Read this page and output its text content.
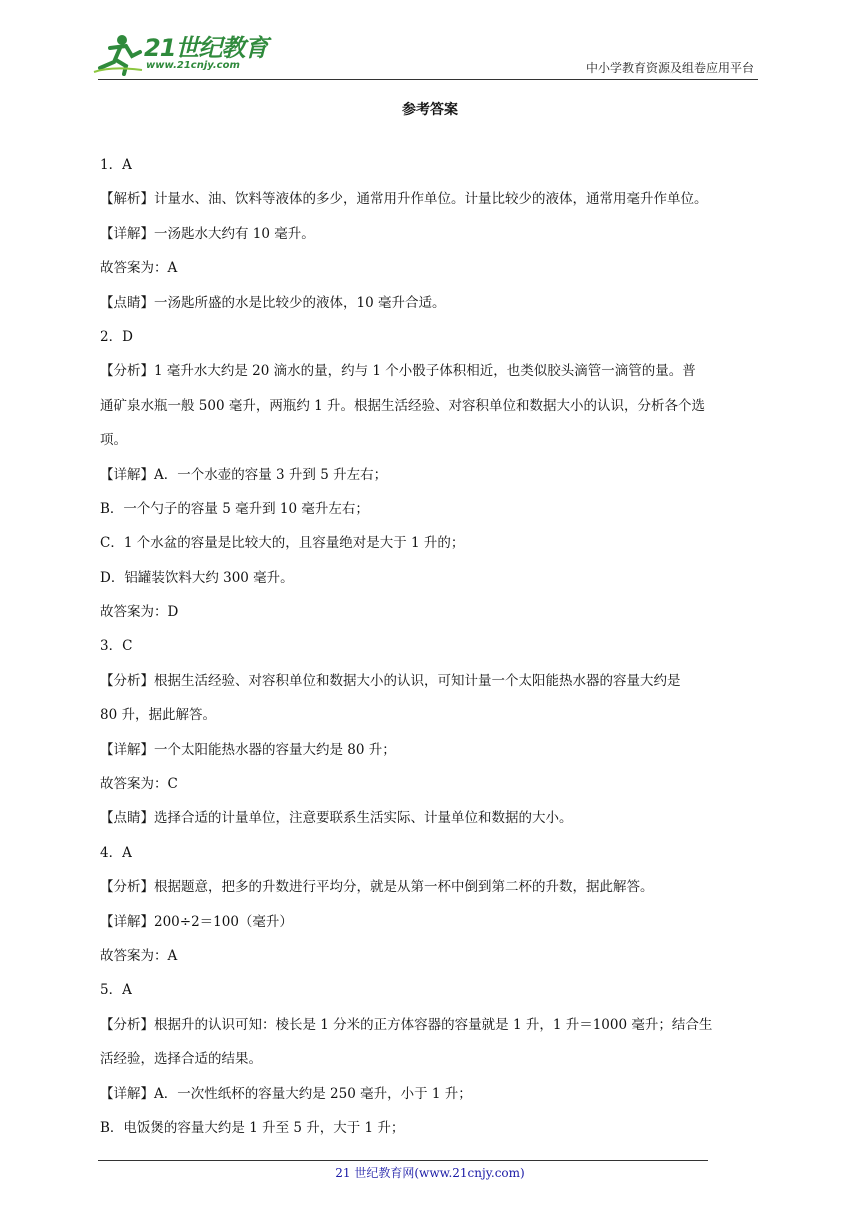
21世纪教育
www.21cnjy.com	中小学教育资源及组卷应用平台
参考答案
1．A
【解析】计量水、油、饮料等液体的多少，通常用升作单位。计量比较少的液体，通常用毫升作单位。
【详解】一汤匙水大约有 10 毫升。
故答案为：A
【点睛】一汤匙所盛的水是比较少的液体，10 毫升合适。
2．D
【分析】1 毫升水大约是 20 滴水的量，约与 1 个小骰子体积相近，也类似胶头滴管一滴管的量。普
通矿泉水瓶一般 500 毫升，两瓶约 1 升。根据生活经验、对容积单位和数据大小的认识，分析各个选
项。
【详解】A．一个水壶的容量 3 升到 5 升左右；
B．一个勺子的容量 5 毫升到 10 毫升左右；
C．1 个水盆的容量是比较大的，且容量绝对是大于 1 升的；
D．铝罐装饮料大约 300 毫升。
故答案为：D
3．C
【分析】根据生活经验、对容积单位和数据大小的认识，可知计量一个太阳能热水器的容量大约是
80 升，据此解答。
【详解】一个太阳能热水器的容量大约是 80 升；
故答案为：C
【点睛】选择合适的计量单位，注意要联系生活实际、计量单位和数据的大小。
4．A
【分析】根据题意，把多的升数进行平均分，就是从第一杯中倒到第二杯的升数，据此解答。
【详解】200÷2＝100（毫升）
故答案为：A
5．A
【分析】根据升的认识可知：棱长是 1 分米的正方体容器的容量就是 1 升，1 升＝1000 毫升；结合生
活经验，选择合适的结果。
【详解】A．一次性纸杯的容量大约是 250 毫升，小于 1 升；
B．电饭煲的容量大约是 1 升至 5 升，大于 1 升；
21 世纪教育网(www.21cnjy.com)
